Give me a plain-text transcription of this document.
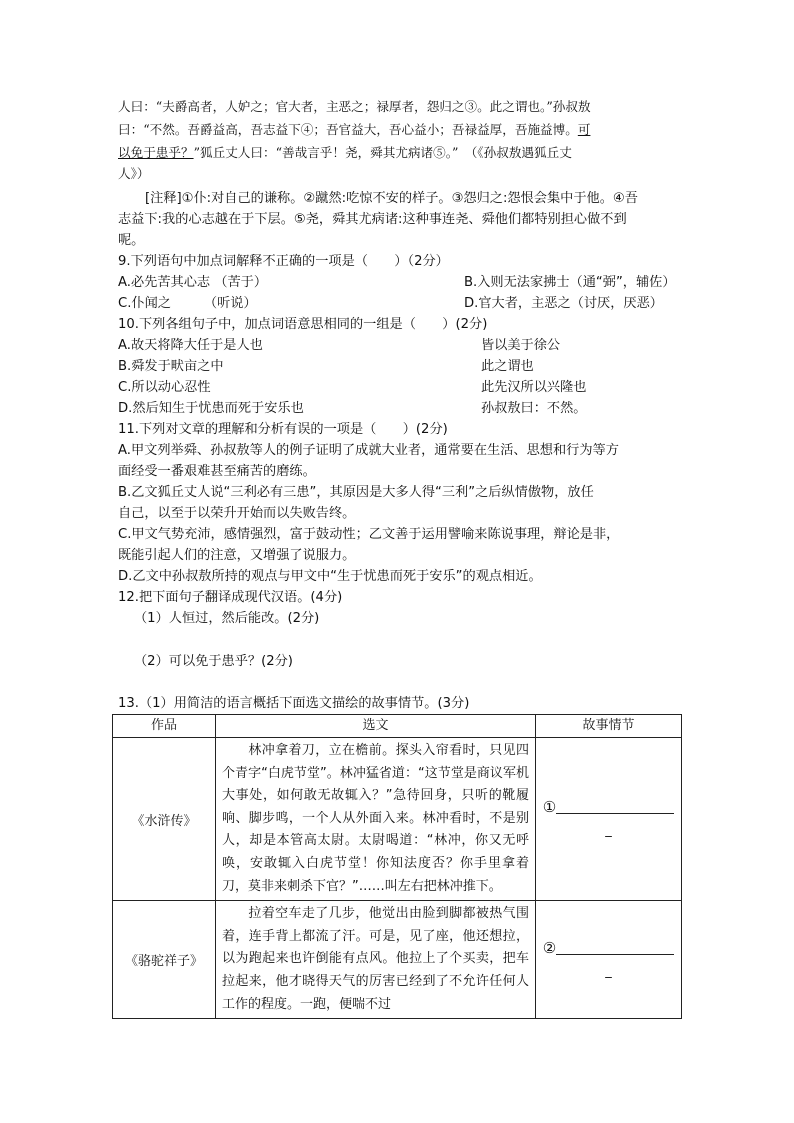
人曰：“夫爵高者，人妒之；官大者，主恶之；禄厚者，怨归之③。此之谓也。”孙叔敖
曰：“不然。吾爵益高，吾志益下④；吾官益大，吾心益小；吾禄益厚，吾施益博。可
以免于患乎？”狐丘丈人曰：“善哉言乎！尧，舜其尤病诸⑤。”　（《孙叔敖遇狐丘丈
人》）
[注释]①仆:对自己的谦称。②蹴然:吃惊不安的样子。③怨归之:怨恨会集中于他。④吾
志益下:我的心志越在于下层。⑤尧，舜其尤病诸:这种事连尧、舜他们都特别担心做不到
呢。
9.下列语句中加点词解释不正确的一项是（　　）（2分）
A.必先苦其心志 （苦于）	B.入则无法家拂士（通“弼”，辅佐）
C.仆闻之　　　（听说）	D.官大者，主恶之（讨厌，厌恶）
10.下列各组句子中，加点词语意思相同的一组是（　　）(2分)
A.故天将降大任于是人也	皆以美于徐公
B.舜发于畎亩之中	此之谓也
C.所以动心忍性	此先汉所以兴隆也
D.然后知生于忧患而死于安乐也	孙叔敖曰：不然。
11.下列对文章的理解和分析有误的一项是（　　）(2分)
A.甲文列举舜、孙叔敖等人的例子证明了成就大业者，通常要在生活、思想和行为等方
面经受一番艰难甚至痛苦的磨练。
B.乙文狐丘丈人说“三利必有三患”，其原因是大多人得“三利”之后纵情傲物，放任
自己，以至于以荣升开始而以失败告终。
C.甲文气势充沛，感情强烈，富于鼓动性；乙文善于运用譬喻来陈说事理，辩论是非，
既能引起人们的注意，又增强了说服力。
D.乙文中孙叔敖所持的观点与甲文中“生于忧患而死于安乐”的观点相近。
12.把下面句子翻译成现代汉语。(4分)
（1）人恒过，然后能改。(2分)
（2）可以免于患乎？(2分)
13.（1）用简洁的语言概括下面选文描绘的故事情节。(3分)
作品	选文	故事情节
《水浒传》	林冲拿着刀，立在檐前。探头入帘看时，只见四个青字“白虎节堂”。林冲猛省道：“这节堂是商议军机大事处，如何敢无故辄入？”急待回身，只听的靴履响、脚步鸣，一个人从外面入来。林冲看时，不是别人，却是本管高太尉。太尉喝道：“林冲，你又无呼唤，安敢辄入白虎节堂！你知法度否？你手里拿着刀，莫非来刺杀下官？”……叫左右把林冲推下。	①
_

《骆驼祥子》	拉着空车走了几步，他觉出由脸到脚都被热气围着，连手背上都流了汗。可是，见了座，他还想拉，以为跑起来也许倒能有点风。他拉上了个买卖，把车拉起来，他才晓得天气的厉害已经到了不允许任何人工作的程度。一跑，便喘不过	②
_
